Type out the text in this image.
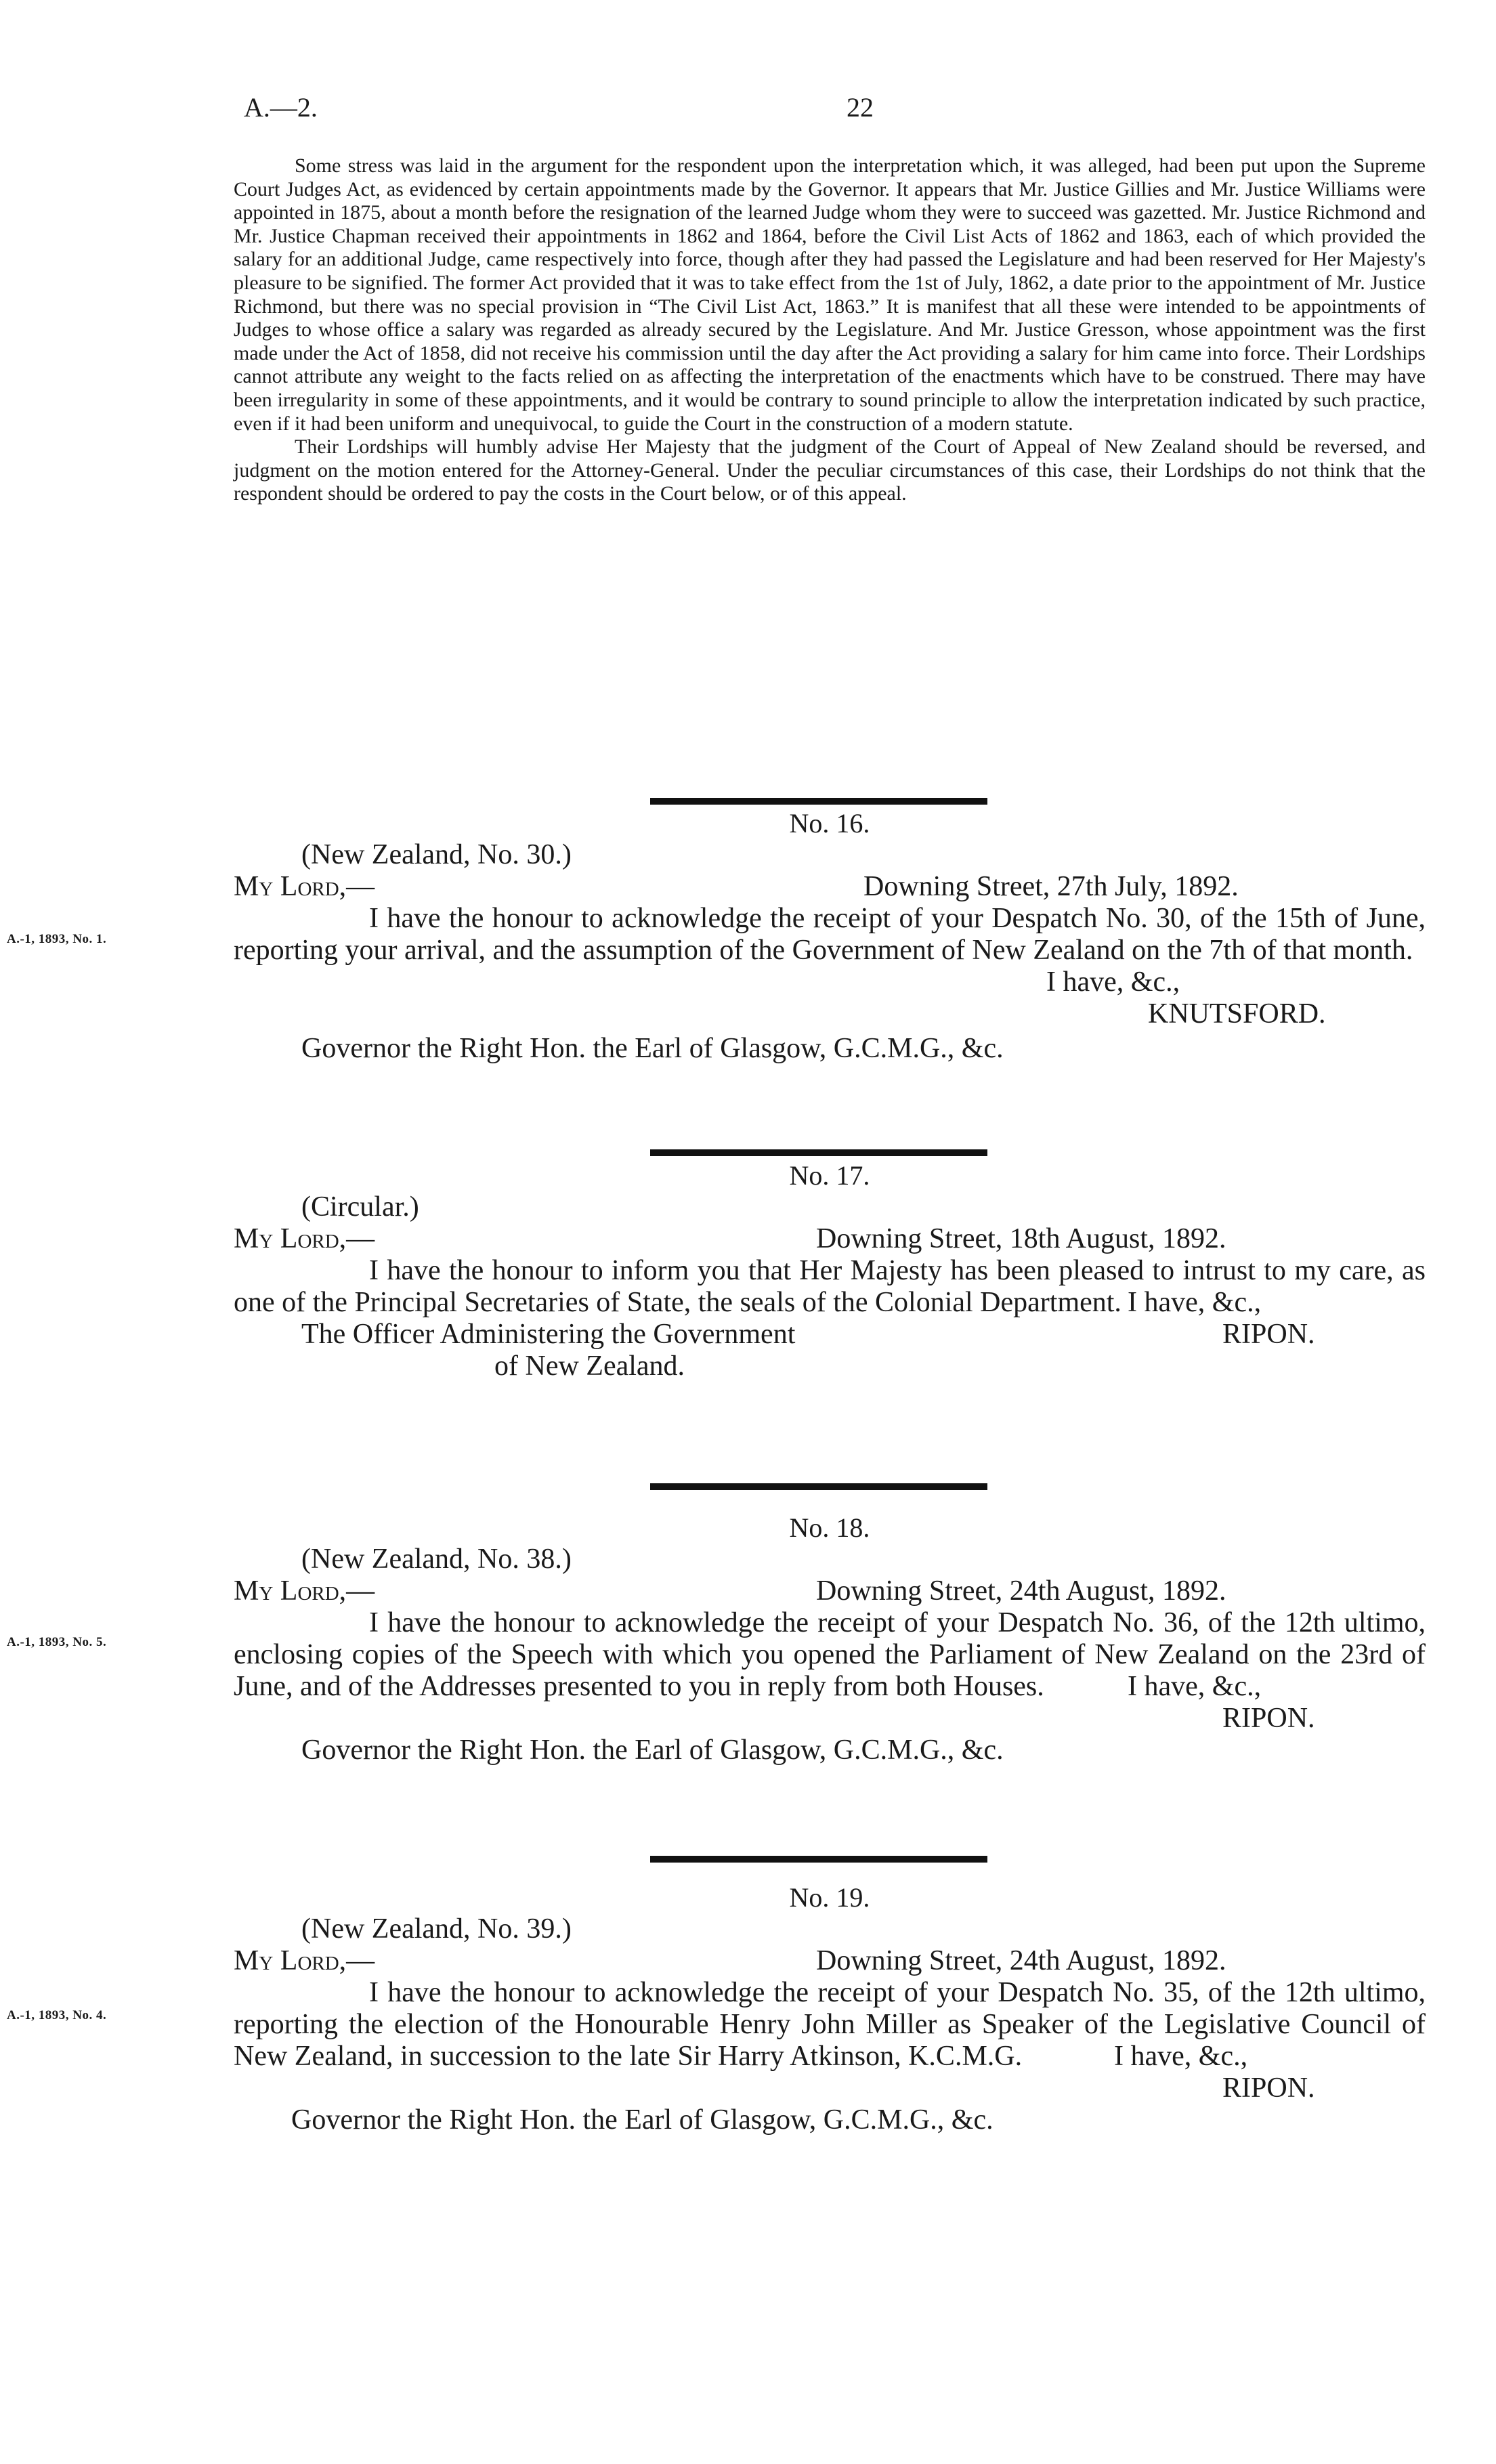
A.—2.	22

Some stress was laid in the argument for the respondent upon the interpretation which, it was alleged, had been put upon the Supreme Court Judges Act, as evidenced by certain appointments made by the Governor. It appears that Mr. Justice Gillies and Mr. Justice Williams were appointed in 1875, about a month before the resignation of the learned Judge whom they were to succeed was gazetted. Mr. Justice Richmond and Mr. Justice Chapman received their appointments in 1862 and 1864, before the Civil List Acts of 1862 and 1863, each of which provided the salary for an additional Judge, came respectively into force, though after they had passed the Legislature and had been reserved for Her Majesty's pleasure to be signified. The former Act provided that it was to take effect from the 1st of July, 1862, a date prior to the appointment of Mr. Justice Richmond, but there was no special provision in “The Civil List Act, 1863.” It is manifest that all these were intended to be appointments of Judges to whose office a salary was regarded as already secured by the Legislature. And Mr. Justice Gresson, whose appointment was the first made under the Act of 1858, did not receive his commission until the day after the Act providing a salary for him came into force. Their Lordships cannot attribute any weight to the facts relied on as affecting the interpretation of the enactments which have to be construed. There may have been irregularity in some of these appointments, and it would be contrary to sound principle to allow the interpretation indicated by such practice, even if it had been uniform and unequivocal, to guide the Court in the construction of a modern statute.

Their Lordships will humbly advise Her Majesty that the judgment of the Court of Appeal of New Zealand should be reversed, and judgment on the motion entered for the Attorney-General. Under the peculiar circumstances of this case, their Lordships do not think that the respondent should be ordered to pay the costs in the Court below, or of this appeal.

No. 16.
(New Zealand, No. 30.)
My Lord,—	Downing Street, 27th July, 1892.
I have the honour to acknowledge the receipt of your Despatch No. 30, of the 15th of June, reporting your arrival, and the assumption of the Government of New Zealand on the 7th of that month.
I have, &c.,
KNUTSFORD.
Governor the Right Hon. the Earl of Glasgow, G.C.M.G., &c.
A.-1, 1893, No. 1.
No. 17.
(Circular.)
My Lord,—	Downing Street, 18th August, 1892.
I have the honour to inform you that Her Majesty has been pleased to intrust to my care, as one of the Principal Secretaries of State, the seals of the Colonial Department. I have, &c.,
The Officer Administering the Government	RIPON.
of New Zealand.
No. 18.
(New Zealand, No. 38.)
My Lord,—	Downing Street, 24th August, 1892.
I have the honour to acknowledge the receipt of your Despatch No. 36, of the 12th ultimo, enclosing copies of the Speech with which you opened the Parliament of New Zealand on the 23rd of June, and of the Addresses presented to you in reply from both Houses.	I have, &c.,
RIPON.
Governor the Right Hon. the Earl of Glasgow, G.C.M.G., &c.
A.-1, 1893, No. 5.
No. 19.
(New Zealand, No. 39.)
My Lord,—	Downing Street, 24th August, 1892.
I have the honour to acknowledge the receipt of your Despatch No. 35, of the 12th ultimo, reporting the election of the Honourable Henry John Miller as Speaker of the Legislative Council of New Zealand, in succession to the late Sir Harry Atkinson, K.C.M.G.	I have, &c.,
RIPON.
Governor the Right Hon. the Earl of Glasgow, G.C.M.G., &c.
A.-1, 1893, No. 4.
